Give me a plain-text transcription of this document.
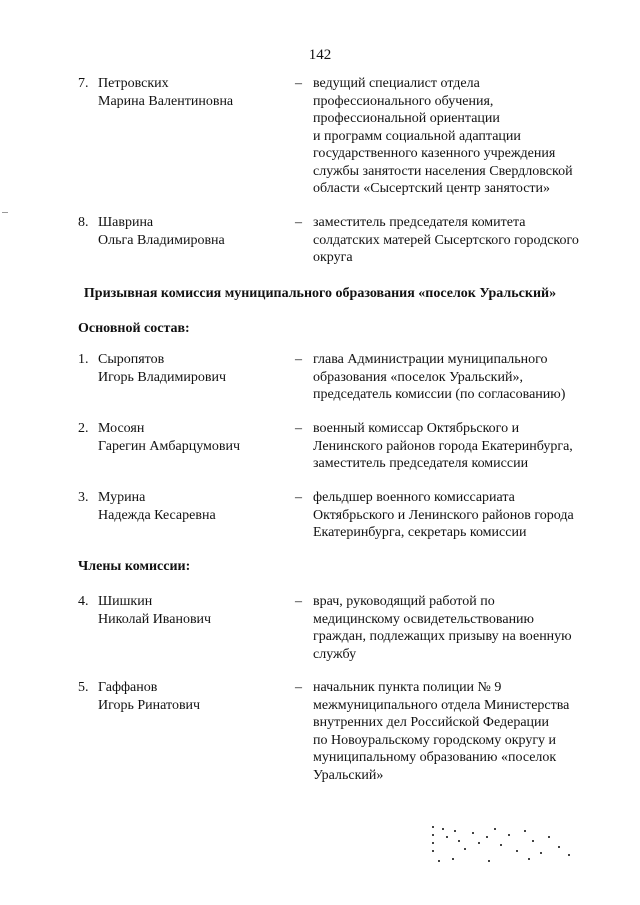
142
7. Петровских
Марина Валентиновна
– ведущий специалист отдела
профессионального обучения,
профессиональной ориентации
и программ социальной адаптации
государственного казенного учреждения
службы занятости населения Свердловской
области «Сысертский центр занятости»
8. Шаврина
Ольга Владимировна
– заместитель председателя комитета
солдатских матерей Сысертского городского
округа
Призывная комиссия муниципального образования «поселок Уральский»
Основной состав:
1. Сыропятов
Игорь Владимирович
– глава Администрации муниципального
образования «поселок Уральский»,
председатель комиссии (по согласованию)
2. Мосоян
Гарегин Амбарцумович
– военный комиссар Октябрьского и
Ленинского районов города Екатеринбурга,
заместитель председателя комиссии
3. Мурина
Надежда Кесаревна
– фельдшер военного комиссариата
Октябрьского и Ленинского районов города
Екатеринбурга, секретарь комиссии
Члены комиссии:
4. Шишкин
Николай Иванович
– врач, руководящий работой по
медицинскому освидетельствованию
граждан, подлежащих призыву на военную
службу
5. Гаффанов
Игорь Ринатович
– начальник пункта полиции № 9
межмуниципального отдела Министерства
внутренних дел Российской Федерации
по Новоуральскому городскому округу и
муниципальному образованию «поселок
Уральский»
